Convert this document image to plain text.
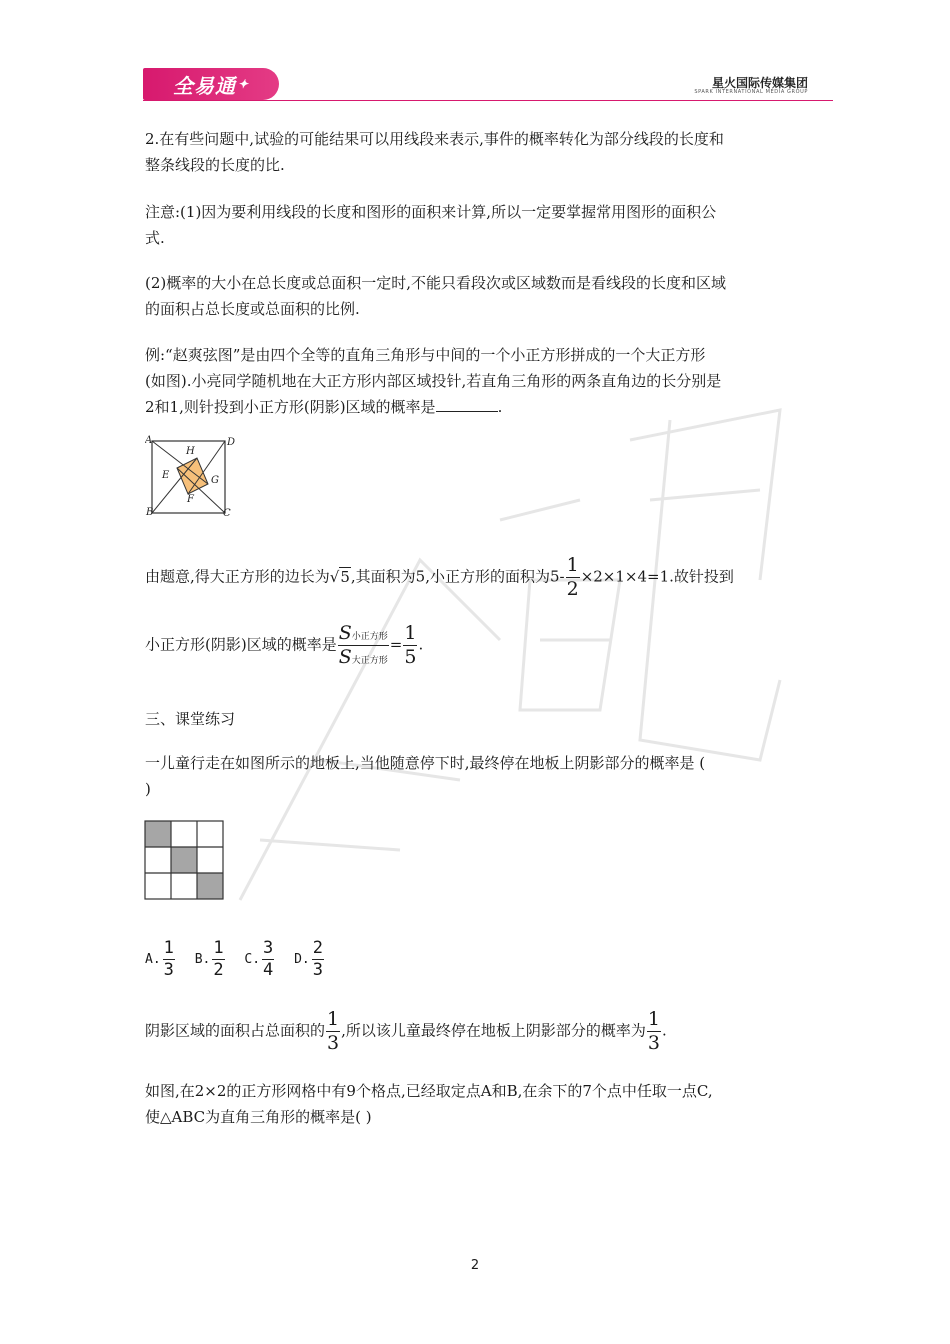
全易通 ✦	星火国际传媒集团
SPARK INTERNATIONAL MEDIA GROUP
2.在有些问题中,试验的可能结果可以用线段来表示,事件的概率转化为部分线段的长度和
整条线段的长度的比.
注意:(1)因为要利用线段的长度和图形的面积来计算,所以一定要掌握常用图形的面积公
式.
(2)概率的大小在总长度或总面积一定时,不能只看段次或区域数而是看线段的长度和区域
的面积占总长度或总面积的比例.
例:“赵爽弦图”是由四个全等的直角三角形与中间的一个小正方形拼成的一个大正方形
(如图).小亮同学随机地在大正方形内部区域投针,若直角三角形的两条直角边的长分别是
2和1,则针投到小正方形(阴影)区域的概率是	.
A	D
B	C
H
E
F
G
由题意,得大正方形的边长为√5,其面积为5,小正方形的面积为$5- \frac{1}{2} \times 2\times 1\times 4=1$.故针投到
小正方形(阴影)区域的概率是 $\frac{\text{S小正方形}}{\text{S大正方形}} = \frac{1}{5}$ .
三、课堂练习
一儿童行走在如图所示的地板上,当他随意停下时,最终停在地板上阴影部分的概率是 (
)
A. $\frac{1}{3}$
B. $\frac{1}{2}$
C. $\frac{3}{4}$
D. $\frac{2}{3}$
阴影区域的面积占总面积的 $\frac{1}{3}$ ,所以该儿童最终停在地板上阴影部分的概率为 $\frac{1}{3}$ .
如图,在2×2的正方形网格中有9个格点,已经取定点A和B,在余下的7个点中任取一点C,
使△ABC为直角三角形的概率是( )
2
